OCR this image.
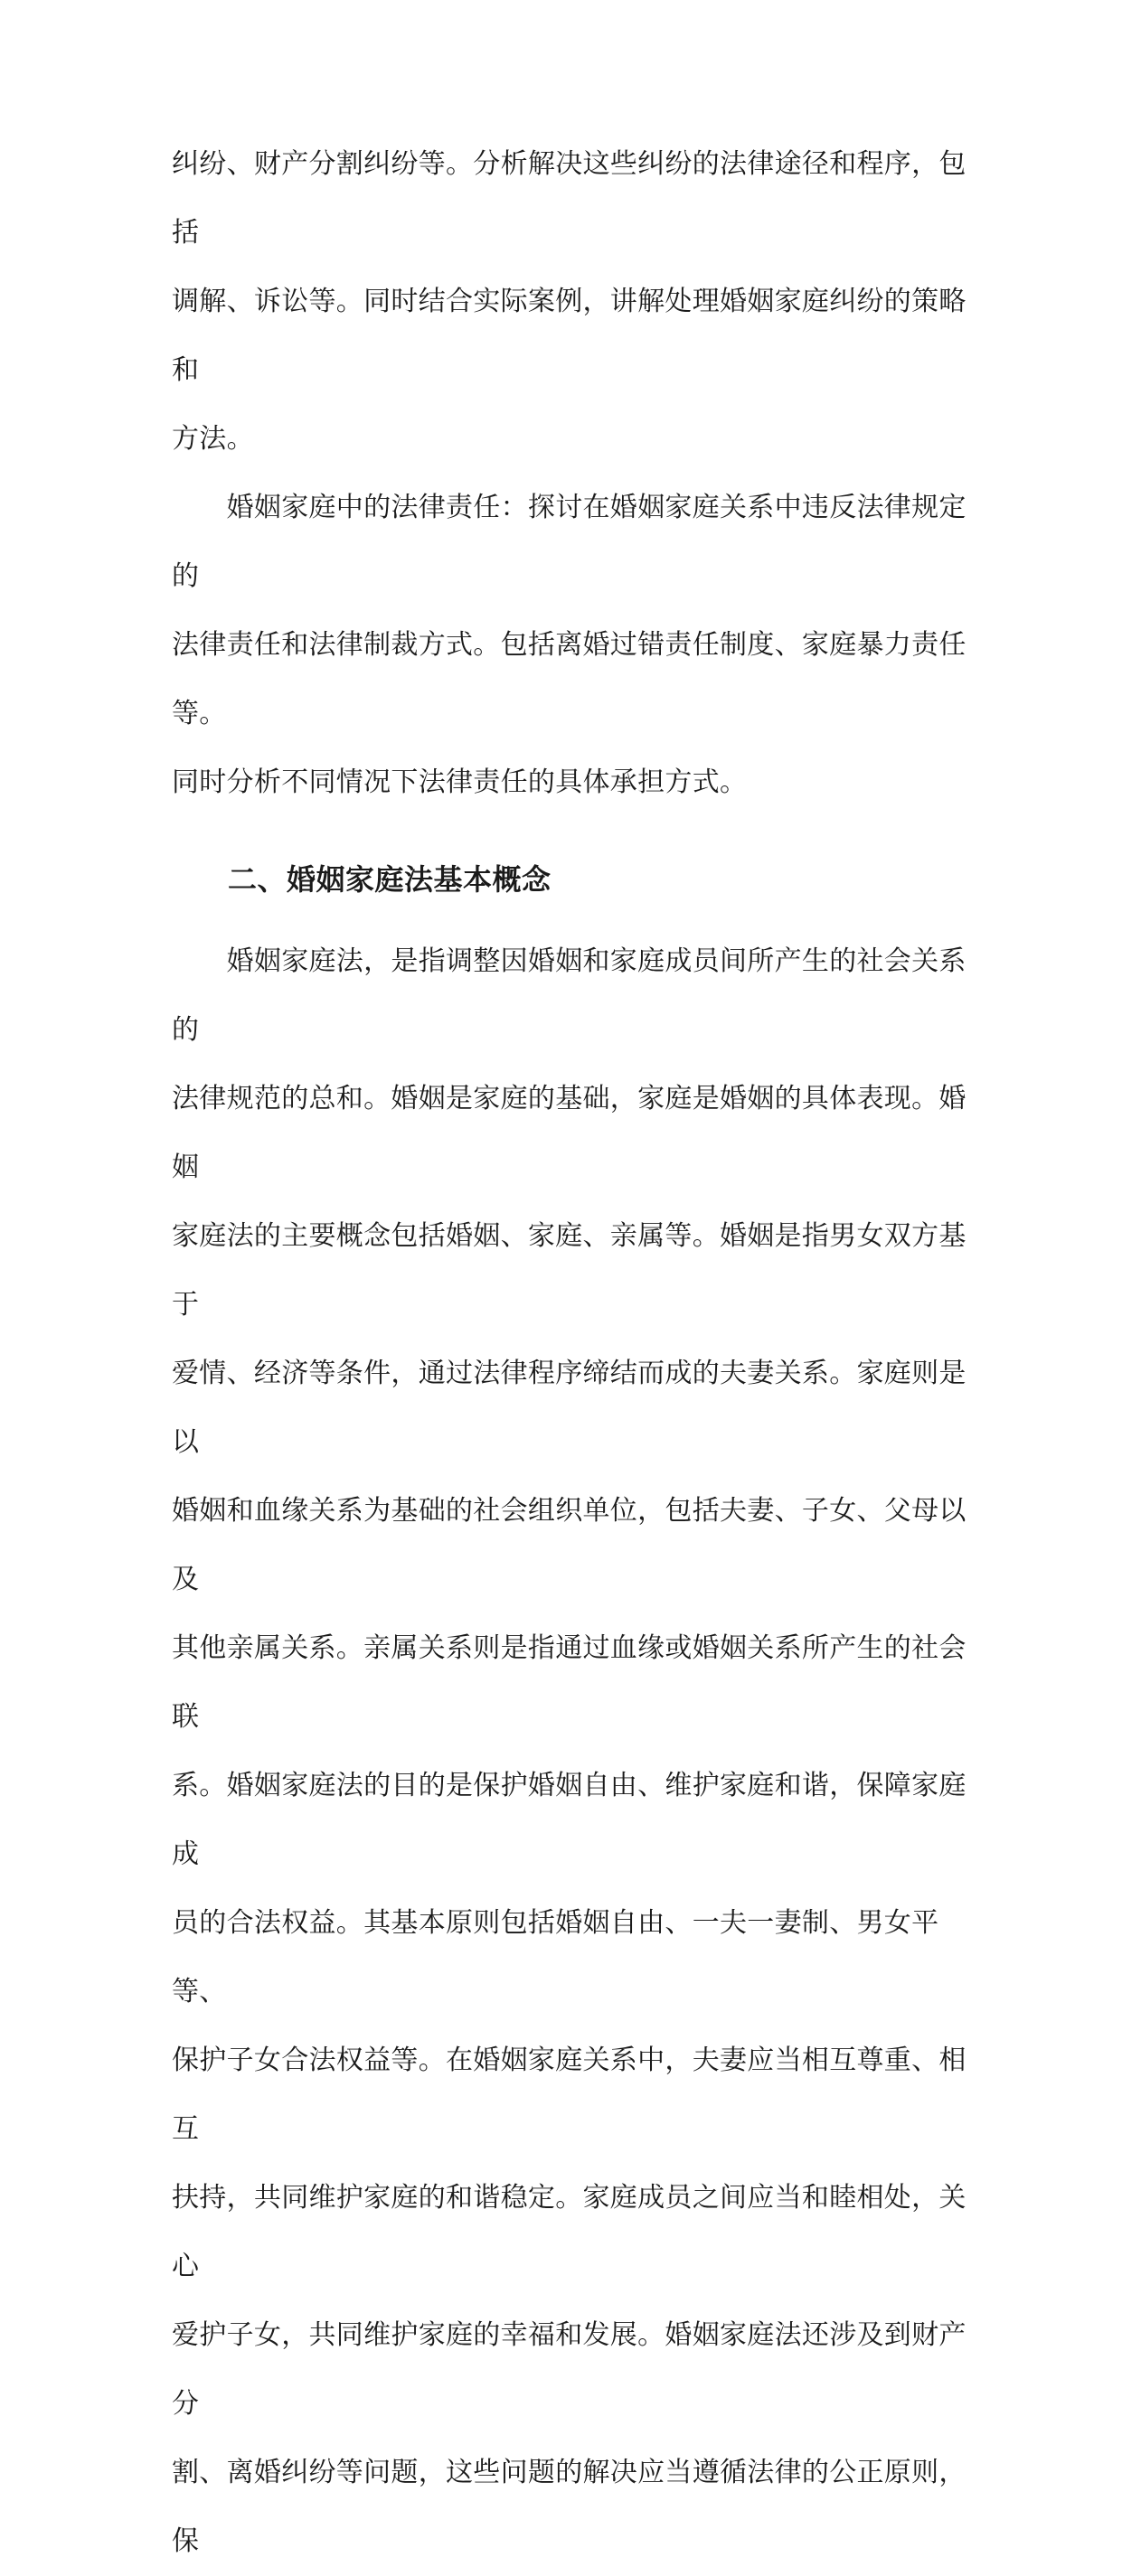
纠纷、财产分割纠纷等。分析解决这些纠纷的法律途径和程序，包括
调解、诉讼等。同时结合实际案例，讲解处理婚姻家庭纠纷的策略和
方法。

　　婚姻家庭中的法律责任：探讨在婚姻家庭关系中违反法律规定的
法律责任和法律制裁方式。包括离婚过错责任制度、家庭暴力责任等。
同时分析不同情况下法律责任的具体承担方式。

二、婚姻家庭法基本概念

　　婚姻家庭法，是指调整因婚姻和家庭成员间所产生的社会关系的
法律规范的总和。婚姻是家庭的基础，家庭是婚姻的具体表现。婚姻
家庭法的主要概念包括婚姻、家庭、亲属等。婚姻是指男女双方基于
爱情、经济等条件，通过法律程序缔结而成的夫妻关系。家庭则是以
婚姻和血缘关系为基础的社会组织单位，包括夫妻、子女、父母以及
其他亲属关系。亲属关系则是指通过血缘或婚姻关系所产生的社会联
系。婚姻家庭法的目的是保护婚姻自由、维护家庭和谐，保障家庭成
员的合法权益。其基本原则包括婚姻自由、一夫一妻制、男女平等、
保护子女合法权益等。在婚姻家庭关系中，夫妻应当相互尊重、相互
扶持，共同维护家庭的和谐稳定。家庭成员之间应当和睦相处，关心
爱护子女，共同维护家庭的幸福和发展。婚姻家庭法还涉及到财产分
割、离婚纠纷等问题，这些问题的解决应当遵循法律的公正原则，保
